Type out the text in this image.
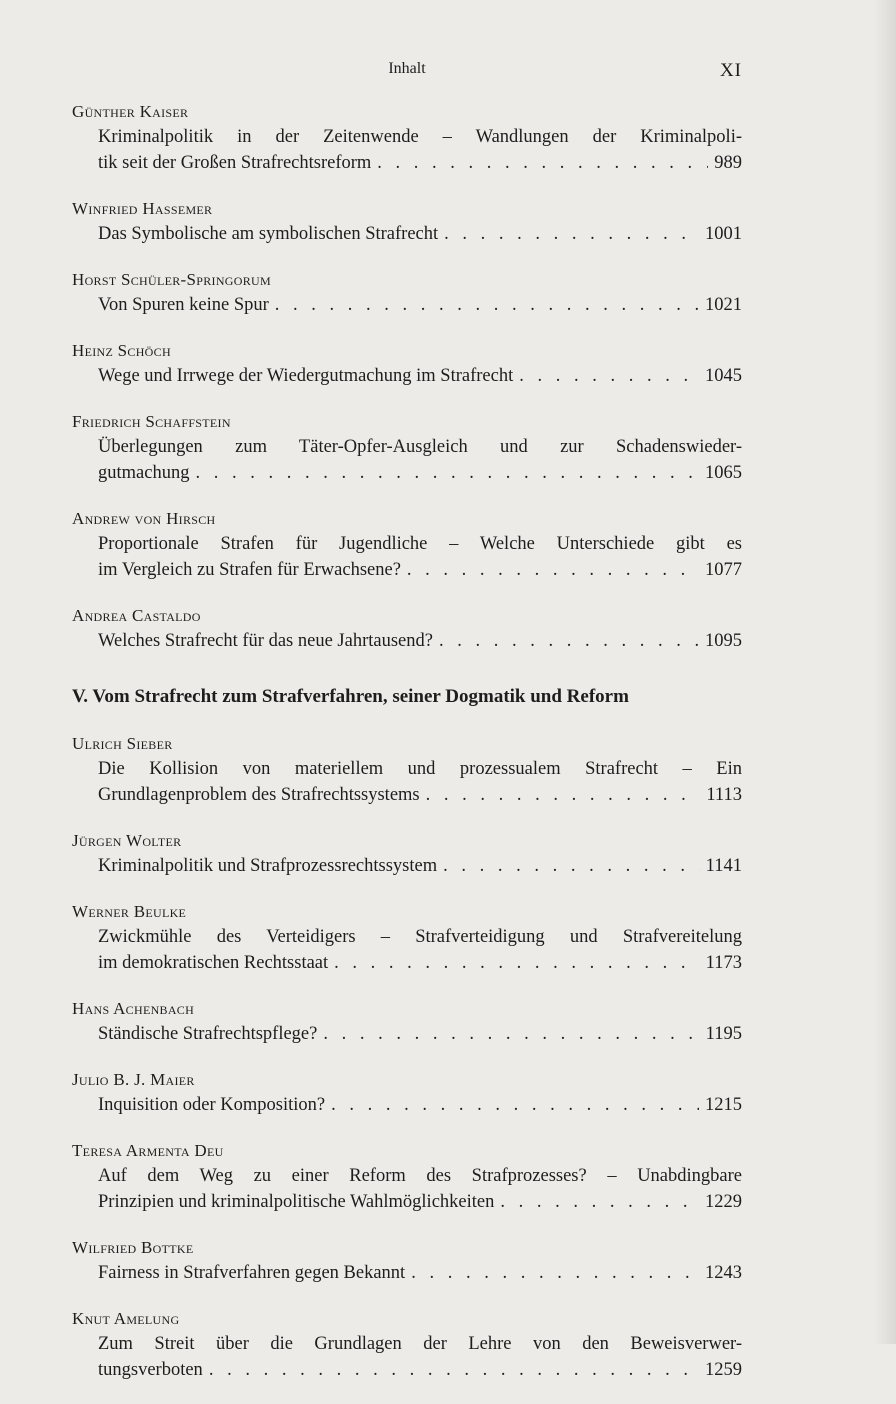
Inhalt	XI
Günther Kaiser
Kriminalpolitik in der Zeitenwende – Wandlungen der Kriminalpoli-
tik seit der Großen Strafrechtsreform . . .	989
Winfried Hassemer
Das Symbolische am symbolischen Strafrecht . . .	1001
Horst Schüler-Springorum
Von Spuren keine Spur . . .	1021
Heinz Schöch
Wege und Irrwege der Wiedergutmachung im Strafrecht . . .	1045
Friedrich Schaffstein
Überlegungen zum Täter-Opfer-Ausgleich und zur Schadenswieder-
gutmachung . . .	1065
Andrew von Hirsch
Proportionale Strafen für Jugendliche – Welche Unterschiede gibt es
im Vergleich zu Strafen für Erwachsene? . . .	1077
Andrea Castaldo
Welches Strafrecht für das neue Jahrtausend? . . .	1095
V. Vom Strafrecht zum Strafverfahren, seiner Dogmatik und Reform
Ulrich Sieber
Die Kollision von materiellem und prozessualem Strafrecht – Ein
Grundlagenproblem des Strafrechtssystems . . .	1113
Jürgen Wolter
Kriminalpolitik und Strafprozessrechtssystem . . .	1141
Werner Beulke
Zwickmühle des Verteidigers – Strafverteidigung und Strafvereitelung
im demokratischen Rechtsstaat . . .	1173
Hans Achenbach
Ständische Strafrechtspflege? . . .	1195
Julio B. J. Maier
Inquisition oder Komposition? . . .	1215
Teresa Armenta Deu
Auf dem Weg zu einer Reform des Strafprozesses? – Unabdingbare
Prinzipien und kriminalpolitische Wahlmöglichkeiten . . .	1229
Wilfried Bottke
Fairness in Strafverfahren gegen Bekannt . . .	1243
Knut Amelung
Zum Streit über die Grundlagen der Lehre von den Beweisverwer-
tungsverboten . . .	1259
